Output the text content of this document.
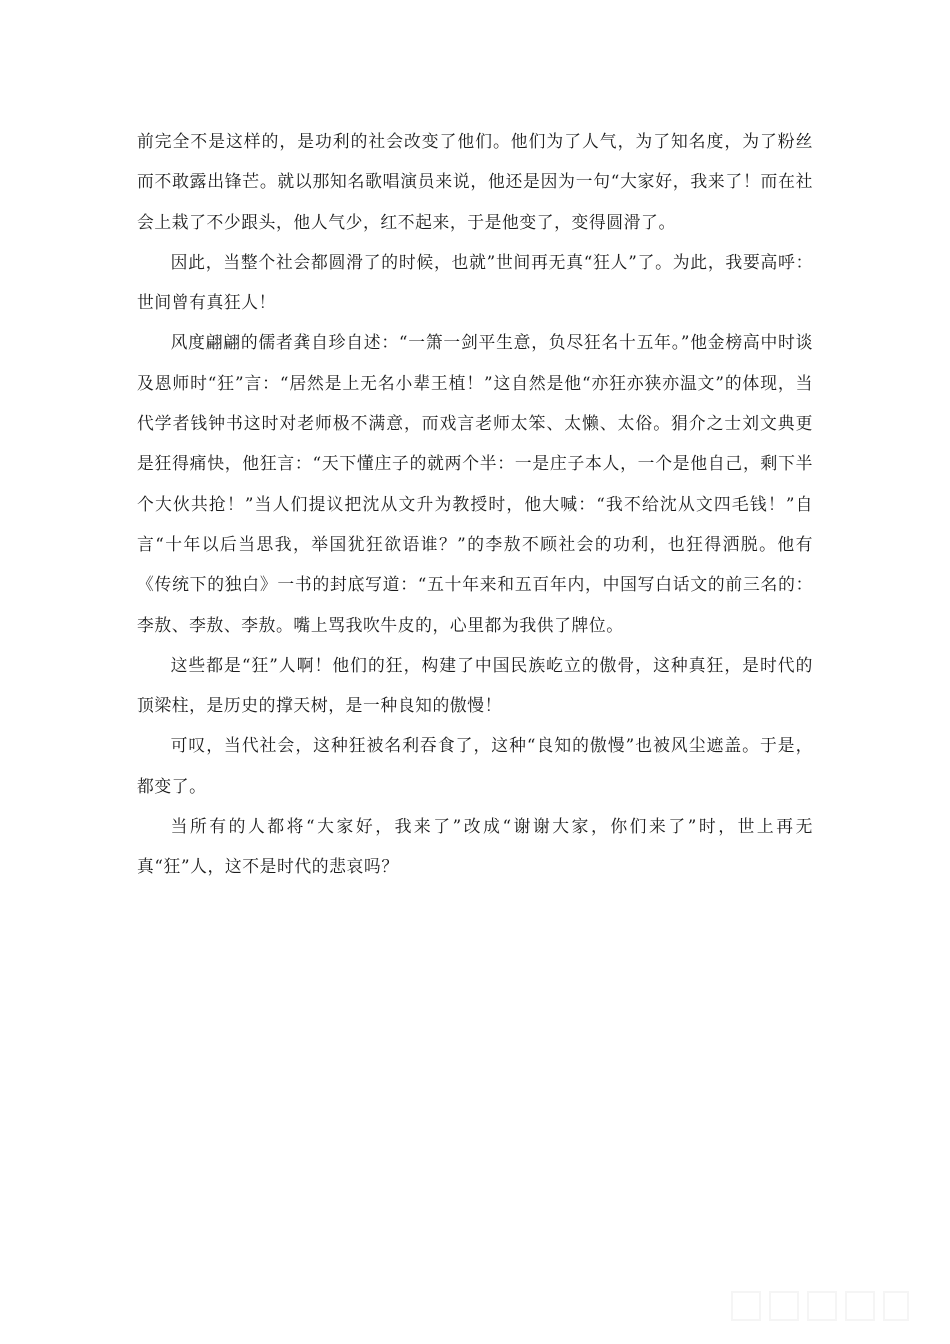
前完全不是这样的，是功利的社会改变了他们。他们为了人气，为了知名度，为了粉丝而不敢露出锋芒。就以那知名歌唱演员来说，他还是因为一句“大家好，我来了！而在社会上栽了不少跟头，他人气少，红不起来，于是他变了，变得圆滑了。

因此，当整个社会都圆滑了的时候，也就”世间再无真“狂人”了。为此，我要高呼：世间曾有真狂人！

风度翩翩的儒者龚自珍自述：“一箫一剑平生意，负尽狂名十五年。”他金榜高中时谈及恩师时“狂”言：“居然是上无名小辈王植！”这自然是他“亦狂亦狭亦温文”的体现，当代学者钱钟书这时对老师极不满意，而戏言老师太笨、太懒、太俗。狷介之士刘文典更是狂得痛快，他狂言：“天下懂庄子的就两个半：一是庄子本人，一个是他自己，剩下半个大伙共抢！”当人们提议把沈从文升为教授时，他大喊：“我不给沈从文四毛钱！”自言“十年以后当思我，举国犹狂欲语谁？”的李敖不顾社会的功利，也狂得洒脱。他有《传统下的独白》一书的封底写道：“五十年来和五百年内，中国写白话文的前三名的：李敖、李敖、李敖。嘴上骂我吹牛皮的，心里都为我供了牌位。

这些都是“狂”人啊！他们的狂，构建了中国民族屹立的傲骨，这种真狂，是时代的顶梁柱，是历史的撑天树，是一种良知的傲慢！

可叹，当代社会，这种狂被名利吞食了，这种“良知的傲慢”也被风尘遮盖。于是，都变了。

当所有的人都将“大家好，我来了”改成“谢谢大家，你们来了”时，世上再无真“狂”人，这不是时代的悲哀吗？
